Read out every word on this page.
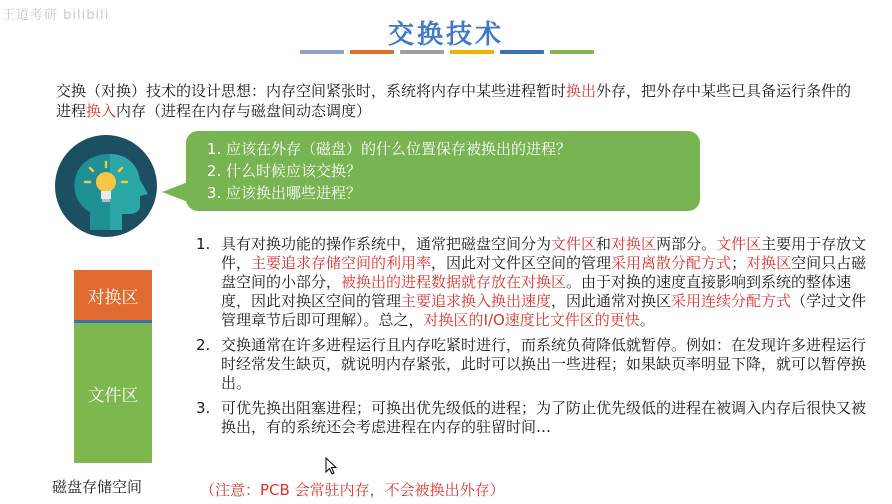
王道考研 bilibili
交换技术
交换（对换）技术的设计思想：内存空间紧张时，系统将内存中某些进程暂时换出外存，把外存中某些已具备运行条件的进程换入内存（进程在内存与磁盘间动态调度）
1. 应该在外存（磁盘）的什么位置保存被换出的进程？
2. 什么时候应该交换？
3. 应该换出哪些进程？
对换区
文件区
磁盘存储空间
1. 具有对换功能的操作系统中，通常把磁盘空间分为文件区和对换区两部分。文件区主要用于存放文件，主要追求存储空间的利用率，因此对文件区空间的管理采用离散分配方式；对换区空间只占磁盘空间的小部分，被换出的进程数据就存放在对换区。由于对换的速度直接影响到系统的整体速度，因此对换区空间的管理主要追求换入换出速度，因此通常对换区采用连续分配方式（学过文件管理章节后即可理解）。总之，对换区的I/O速度比文件区的更快。
2. 交换通常在许多进程运行且内存吃紧时进行，而系统负荷降低就暂停。例如：在发现许多进程运行时经常发生缺页，就说明内存紧张，此时可以换出一些进程；如果缺页率明显下降，就可以暂停换出。
3. 可优先换出阻塞进程；可换出优先级低的进程；为了防止优先级低的进程在被调入内存后很快又被换出，有的系统还会考虑进程在内存的驻留时间…
（注意：PCB 会常驻内存，不会被换出外存）
